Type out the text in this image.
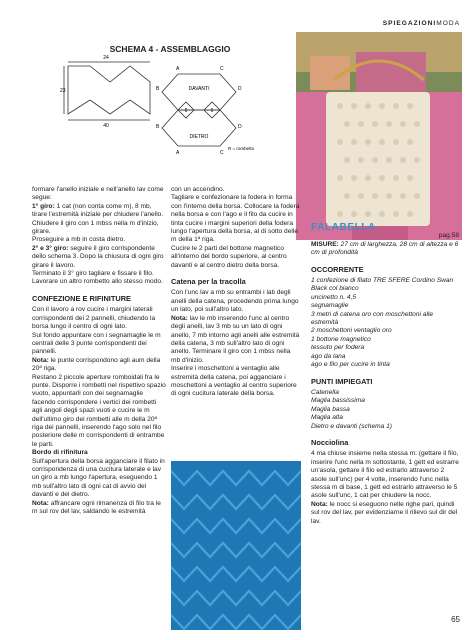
SPIEGAZIONIMODA
SCHEMA 4 - ASSEMBLAGGIO
24
23
40
A	C
B	D
B	D
A	C
DAVANTI
DIETRO
6	6
R = rombetto

formare l'anello iniziale e nell'anello lav come segue:

1° giro: 1 cat (non conta come m), 8 mb, tirare l'estremità iniziale per chiudere l'anello. Chiudere il giro con 1 mbss nella m d'inizio, girare.

Proseguire a mb in costa dietro.

2° e 3° giro: seguire il giro corrispondente dello schema 3. Dopo la chiusura di ogni giro girare il lavoro.

Terminato il 3° giro tagliare e fissare il filo. Lavorare un altro rombetto allo stesso modo.

CONFEZIONE E RIFINITURE

Con il lavoro a rov cucire i margini laterali corrispondenti dei 2 pannelli, chiudendo la borsa lungo il centro di ogni lato.

Sul fondo appuntare con i segnamaglie le m centrali delle 3 punte corrispondenti dei pannelli.

Nota: le punte corrispondono agli aum della 20ª riga.

Restano 2 piccole aperture romboidali fra le punte. Disporre i rombetti nel rispettivo spazio vuoto, appuntarli con dei segnamaglie facendo corrispondere i vertici dei rombetti agli angoli degli spazi vuoti e cucire le m dell'ultimo giro dei rombetti alle m della 20ª riga dei pannelli, inserendo l'ago solo nel filo posteriore delle m corrispondenti di entrambe le parti.

Bordo di rifinitura

Sull'apertura della borsa agganciare il filato in corrispondenza di una cucitura laterale e lav un giro a mb lungo l'apertura, eseguendo 1 mb sull'altro lato di ogni cat di avvio del davanti e del dietro.

Nota: affrancare ogni rimanenza di filo tra le m sul rov del lav, saldando le estremità

con un accendino.

Tagliare e confezionare la fodera in forma con l'interno della borsa. Collocare la fodera nella borsa e con l'ago e il filo da cucire in tinta cucire i margini superiori della fodera lungo l'apertura della borsa, al di sotto delle m della 1ª riga.

Cucire le 2 parti del bottone magnetico all'interno del bordo superiore, al centro davanti e al centro dietro della borsa.

Catena per la tracolla

Con l'unc lav a mb su entrambi i lati degli anelli della catena, procedendo prima lungo un lato, poi sull'altro lato.

Nota: lav le mb inserendo l'unc al centro degli anelli, lav 3 mb su un lato di ogni anello, 7 mb intorno agli anelli alle estremità della catena, 3 mb sull'altro lato di ogni anello. Terminare il giro con 1 mbss nella mb d'inizio.

Inserire i moschettoni a ventaglio alle estremità della catena, poi agganciare i moschettoni a ventaglio al centro superiore di ogni cucitura laterale della borsa.

FALABELLA

pag.58

MISURE: 27 cm di larghezza, 28 cm di altezza e 6 cm di profondità

OCCORRENTE

1 confezione di filato TRE SFERE Cordino Swan Black col bianco

uncinetto n. 4,5

segnamaglie

3 metri di catena oro con moschettoni alle estremità

2 moschettoni ventaglio oro

1 bottone magnetico

tessuto per fodera

ago da lana

ago e filo per cucire in tinta

PUNTI IMPIEGATI

Catenella

Maglia bassissima

Maglia bassa

Maglia alta

Dietro e davanti (schema 1)

Nocciolina

4 ma chiuse insieme nella stessa m: (gettare il filo, inserire l'unc nella m sottostante, 1 gett ed estrarre un'asola, gettare il filo ed estrarlo attraverso 2 asole sull'unc) per 4 volte, inserendo l'unc nella stessa m di base, 1 gett ed estrarlo attraverso le 5 asole sull'unc, 1 cat per chiudere la nocc.

Nota: le nocc si eseguono nelle righe pari, quindi sul rov del lav, per evidenziarne il rilievo sul dir del lav.

65
